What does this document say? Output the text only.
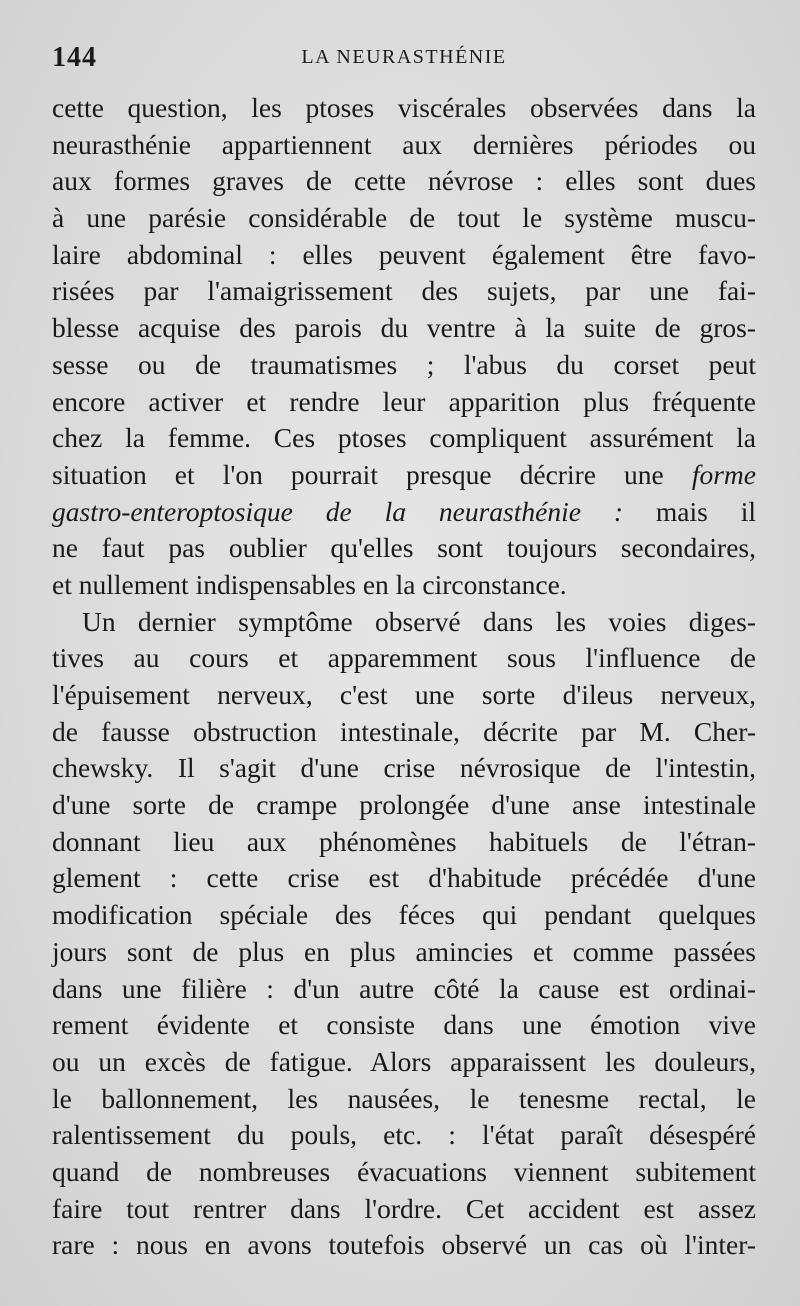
144	LA NEURASTHÉNIE
cette question, les ptoses viscérales observées dans la
neurasthénie appartiennent aux dernières périodes ou
aux formes graves de cette névrose : elles sont dues
à une parésie considérable de tout le système muscu-
laire abdominal : elles peuvent également être favo-
risées par l'amaigrissement des sujets, par une fai-
blesse acquise des parois du ventre à la suite de gros-
sesse ou de traumatismes ; l'abus du corset peut
encore activer et rendre leur apparition plus fréquente
chez la femme. Ces ptoses compliquent assurément la
situation et l'on pourrait presque décrire une forme
gastro-enteroptosique de la neurasthénie : mais il
ne faut pas oublier qu'elles sont toujours secondaires,
et nullement indispensables en la circonstance.
Un dernier symptôme observé dans les voies diges-
tives au cours et apparemment sous l'influence de
l'épuisement nerveux, c'est une sorte d'ileus nerveux,
de fausse obstruction intestinale, décrite par M. Cher-
chewsky. Il s'agit d'une crise névrosique de l'intestin,
d'une sorte de crampe prolongée d'une anse intestinale
donnant lieu aux phénomènes habituels de l'étran-
glement : cette crise est d'habitude précédée d'une
modification spéciale des féces qui pendant quelques
jours sont de plus en plus amincies et comme passées
dans une filière : d'un autre côté la cause est ordinai-
rement évidente et consiste dans une émotion vive
ou un excès de fatigue. Alors apparaissent les douleurs,
le ballonnement, les nausées, le tenesme rectal, le
ralentissement du pouls, etc. : l'état paraît désespéré
quand de nombreuses évacuations viennent subitement
faire tout rentrer dans l'ordre. Cet accident est assez
rare : nous en avons toutefois observé un cas où l'inter-
